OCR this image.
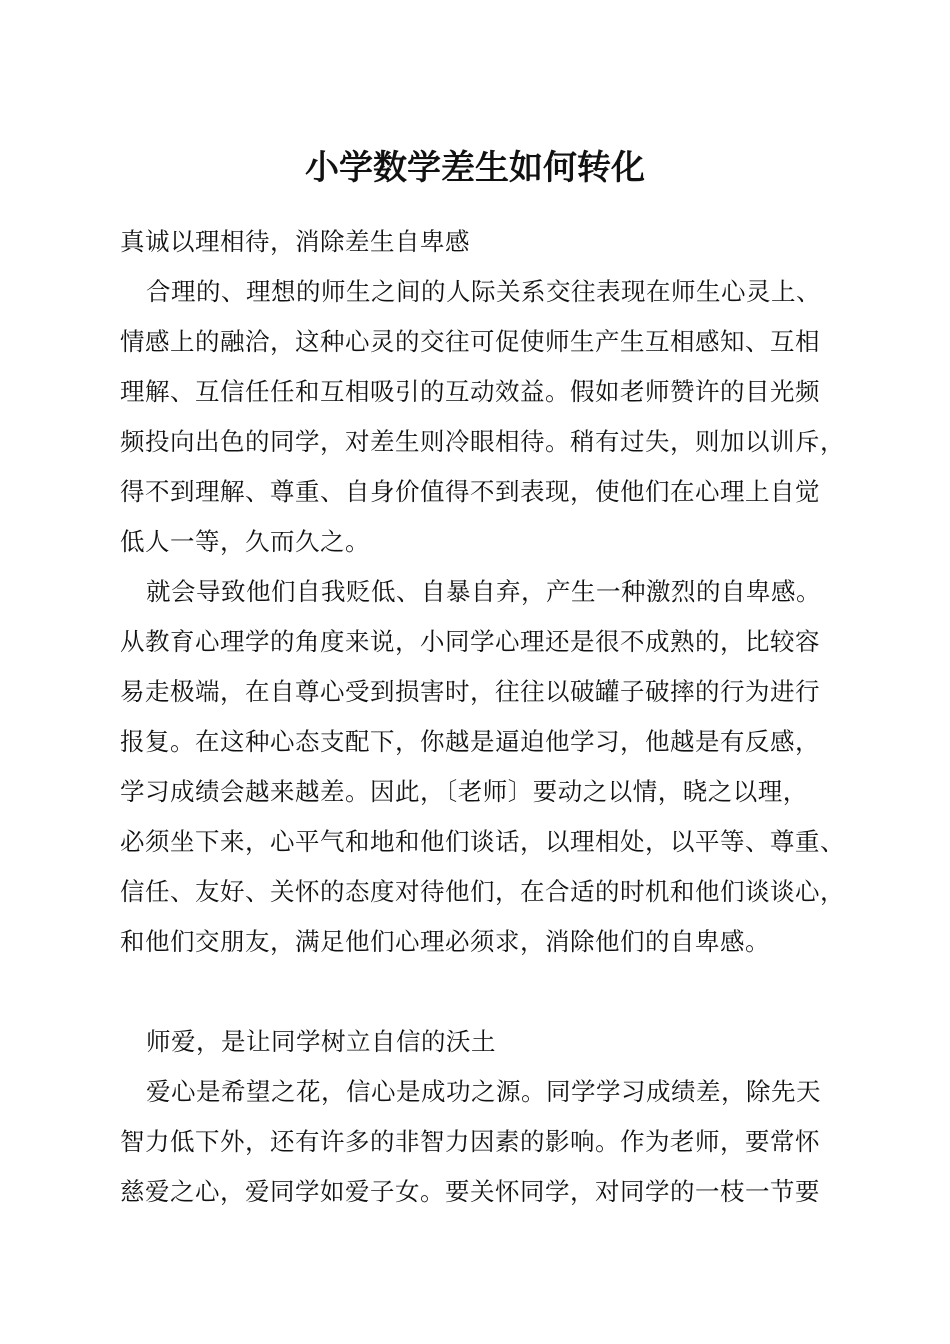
小学数学差生如何转化
真诚以理相待，消除差生自卑感
合理的、理想的师生之间的人际关系交往表现在师生心灵上、
情感上的融洽，这种心灵的交往可促使师生产生互相感知、互相
理解、互信任任和互相吸引的互动效益。假如老师赞许的目光频
频投向出色的同学，对差生则冷眼相待。稍有过失，则加以训斥，
得不到理解、尊重、自身价值得不到表现，使他们在心理上自觉
低人一等，久而久之。
就会导致他们自我贬低、自暴自弃，产生一种激烈的自卑感。
从教育心理学的角度来说，小同学心理还是很不成熟的，比较容
易走极端，在自尊心受到损害时，往往以破罐子破摔的行为进行
报复。在这种心态支配下，你越是逼迫他学习，他越是有反感，
学习成绩会越来越差。因此，〔老师〕要动之以情，晓之以理，
必须坐下来，心平气和地和他们谈话，以理相处，以平等、尊重、
信任、友好、关怀的态度对待他们，在合适的时机和他们谈谈心，
和他们交朋友，满足他们心理必须求，消除他们的自卑感。
师爱，是让同学树立自信的沃土
爱心是希望之花，信心是成功之源。同学学习成绩差，除先天
智力低下外，还有许多的非智力因素的影响。作为老师，要常怀
慈爱之心，爱同学如爱子女。要关怀同学，对同学的一枝一节要
